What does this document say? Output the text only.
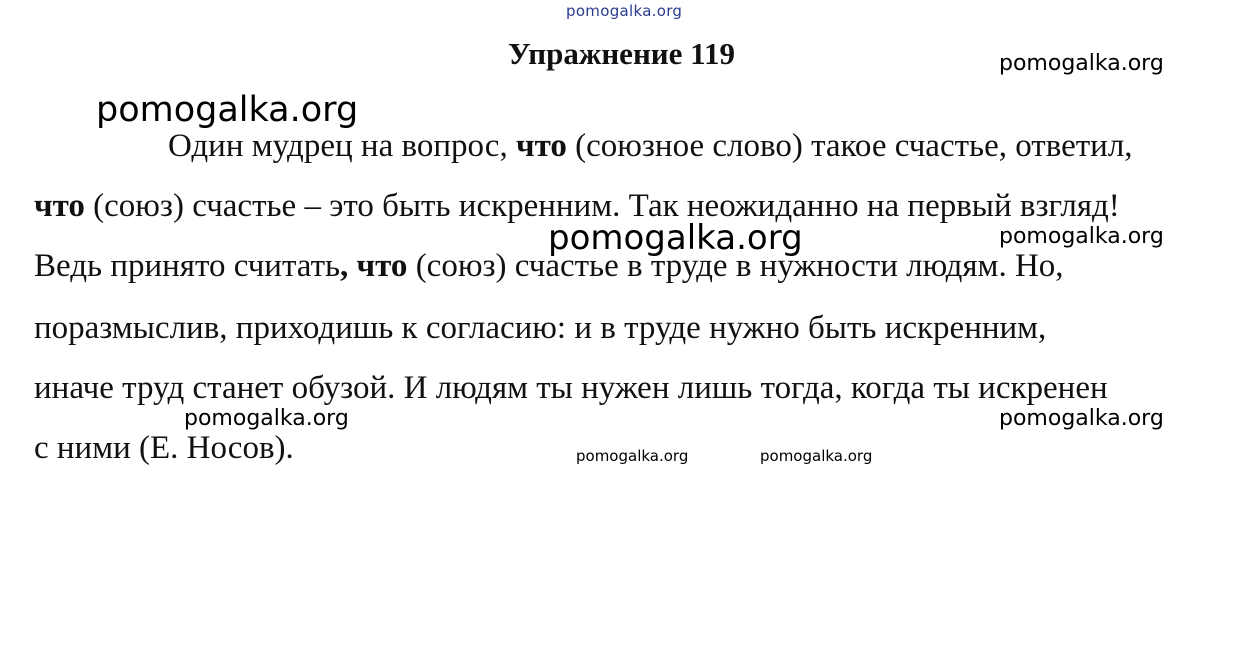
pomogalka.org
Упражнение 119	pomogalka.org
pomogalka.org
Один мудрец на вопрос, что (союзное слово) такое счастье, ответил,
что (союз) счастье – это быть искренним. Так неожиданно на первый взгляд!
pomogalka.org	pomogalka.org
Ведь принято считать, что (союз) счастье в труде в нужности людям. Но,
поразмыслив, приходишь к согласию: и в труде нужно быть искренним,
иначе труд станет обузой. И людям ты нужен лишь тогда, когда ты искренен
pomogalka.org	pomogalka.org
с ними (Е. Носов).	pomogalka.org	pomogalka.org
